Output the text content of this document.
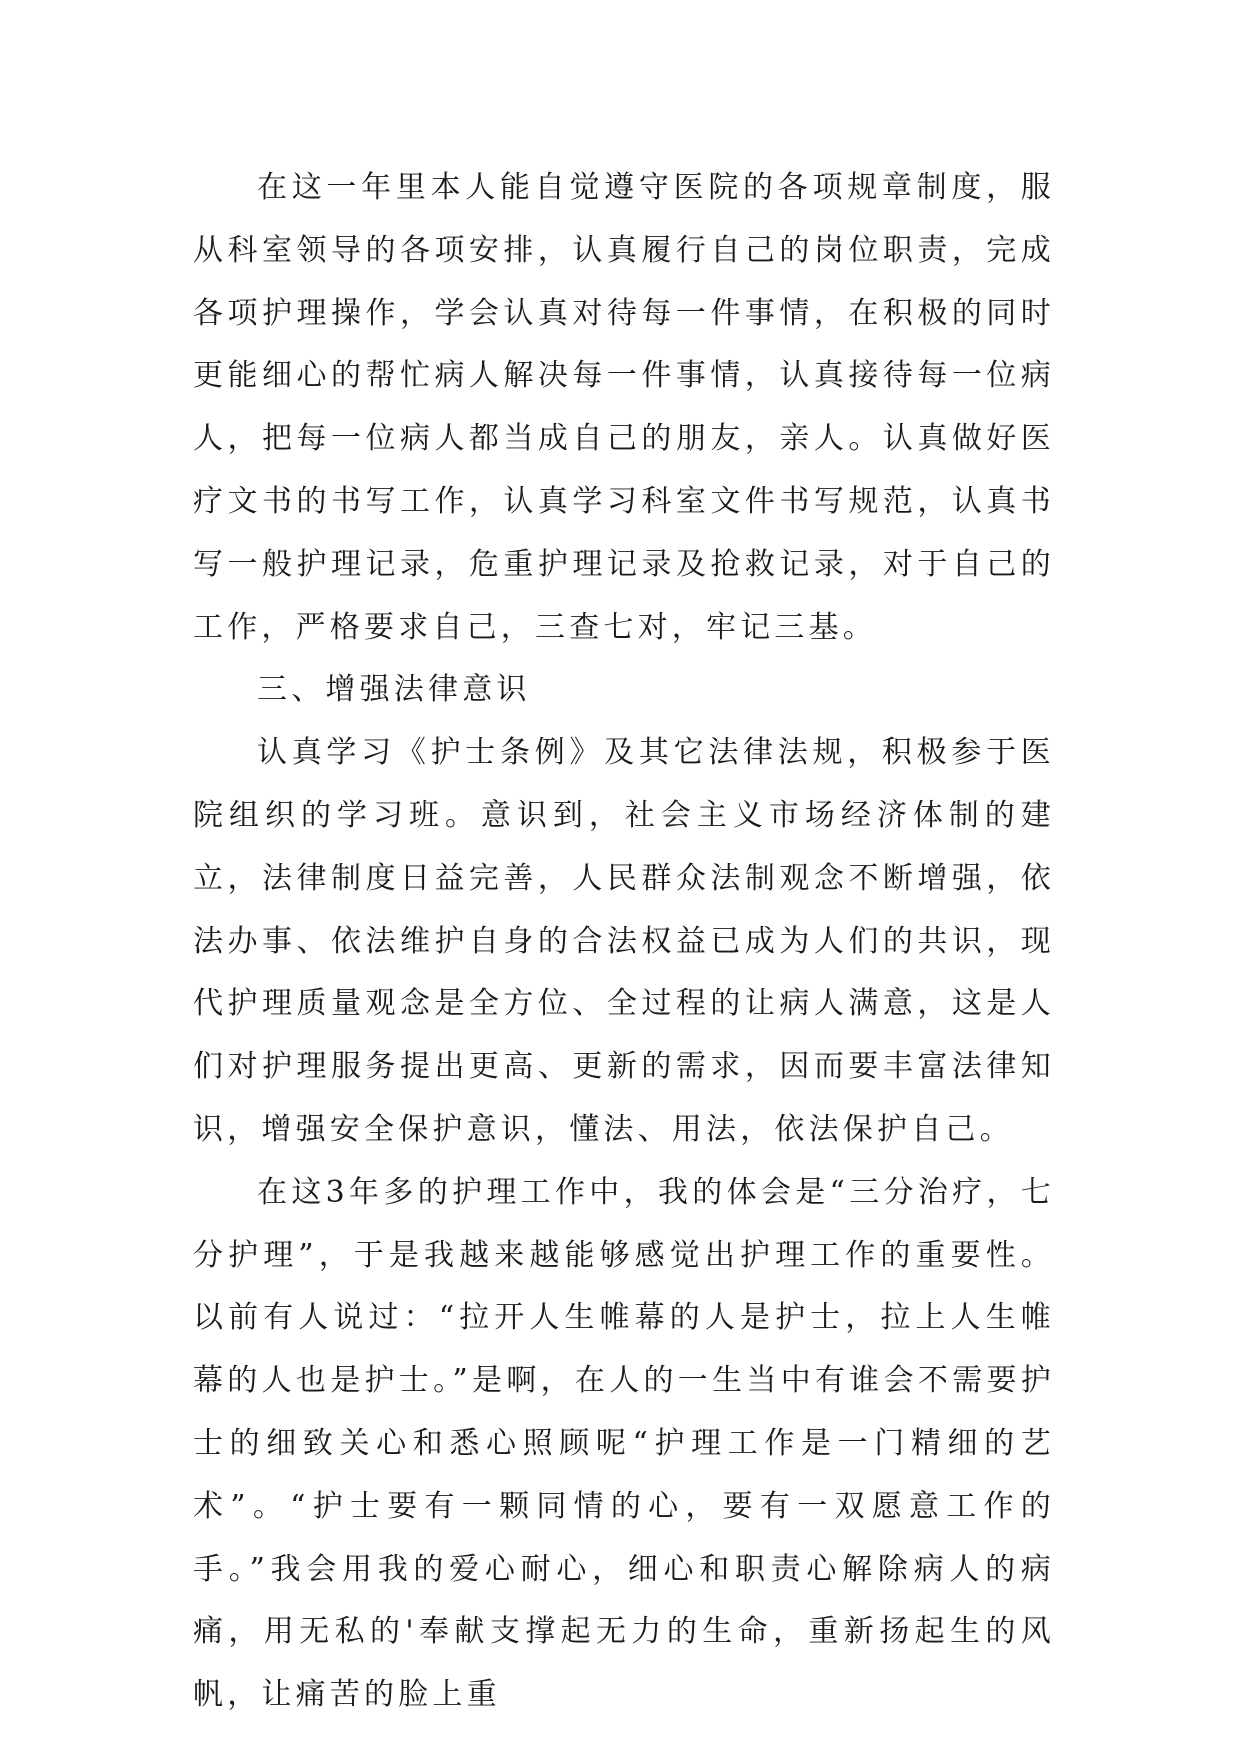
在这一年里本人能自觉遵守医院的各项规章制度，服从科室领导的各项安排，认真履行自己的岗位职责，完成各项护理操作，学会认真对待每一件事情，在积极的同时更能细心的帮忙病人解决每一件事情，认真接待每一位病人，把每一位病人都当成自己的朋友，亲人。认真做好医疗文书的书写工作，认真学习科室文件书写规范，认真书写一般护理记录，危重护理记录及抢救记录，对于自己的工作，严格要求自己，三查七对，牢记三基。

三、增强法律意识

认真学习《护士条例》及其它法律法规，积极参于医院组织的学习班。意识到，社会主义市场经济体制的建立，法律制度日益完善，人民群众法制观念不断增强，依法办事、依法维护自身的合法权益已成为人们的共识，现代护理质量观念是全方位、全过程的让病人满意，这是人们对护理服务提出更高、更新的需求，因而要丰富法律知识，增强安全保护意识，懂法、用法，依法保护自己。

在这3年多的护理工作中，我的体会是“三分治疗，七分护理”，于是我越来越能够感觉出护理工作的重要性。以前有人说过：“拉开人生帷幕的人是护士，拉上人生帷幕的人也是护士。”是啊，在人的一生当中有谁会不需要护士的细致关心和悉心照顾呢“护理工作是一门精细的艺术”。“护士要有一颗同情的心，要有一双愿意工作的手。”我会用我的爱心耐心，细心和职责心解除病人的病痛，用无私的'奉献支撑起无力的生命，重新扬起生的风帆，让痛苦的脸上重
